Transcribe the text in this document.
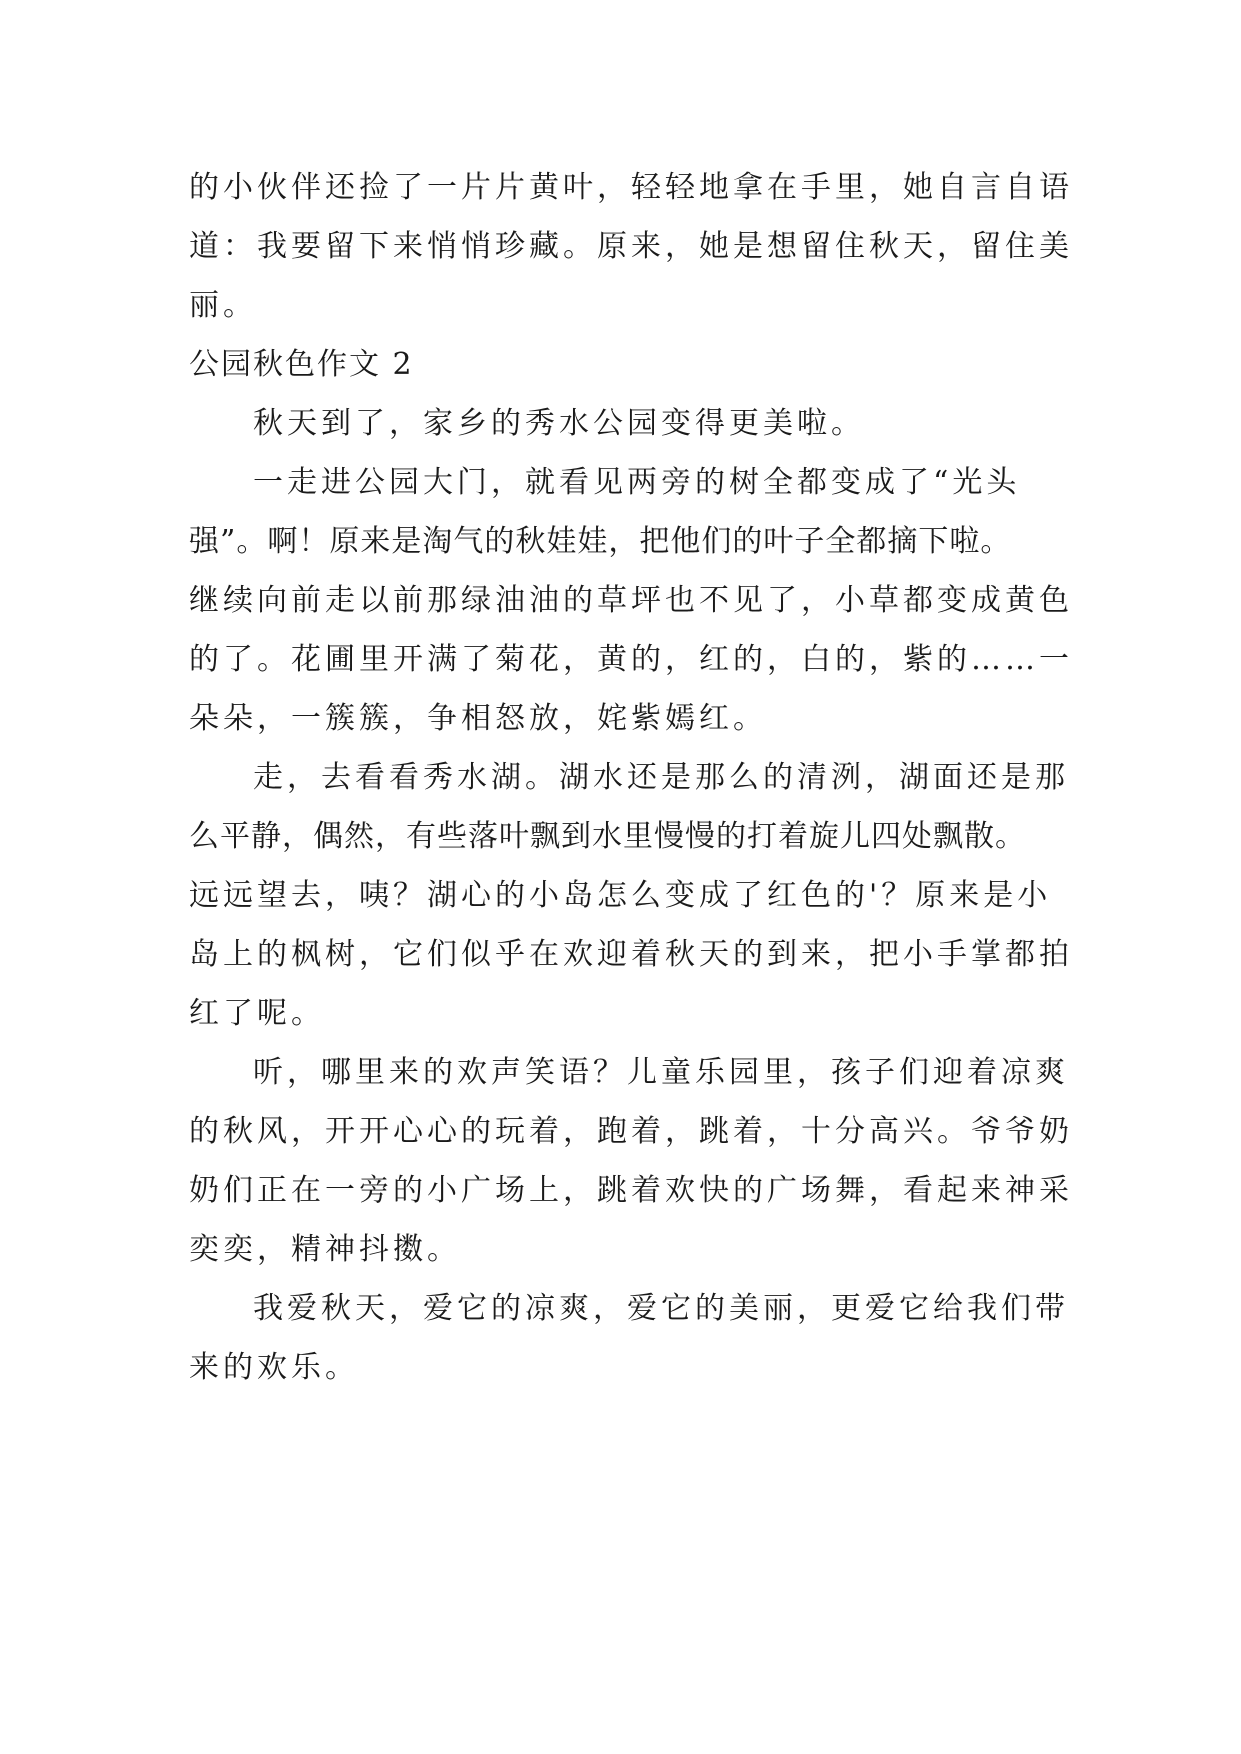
的小伙伴还捡了一片片黄叶，轻轻地拿在手里，她自言自语
道：我要留下来悄悄珍藏。原来，她是想留住秋天，留住美
丽。
公园秋色作文 2
秋天到了，家乡的秀水公园变得更美啦。
一走进公园大门，就看见两旁的树全都变成了“光头
强”。啊！原来是淘气的秋娃娃，把他们的叶子全都摘下啦。
继续向前走以前那绿油油的草坪也不见了，小草都变成黄色
的了。花圃里开满了菊花，黄的，红的，白的，紫的……一
朵朵，一簇簇，争相怒放，姹紫嫣红。
走，去看看秀水湖。湖水还是那么的清洌，湖面还是那
么平静，偶然，有些落叶飘到水里慢慢的打着旋儿四处飘散。
远远望去，咦？湖心的小岛怎么变成了红色的'？原来是小
岛上的枫树，它们似乎在欢迎着秋天的到来，把小手掌都拍
红了呢。
听，哪里来的欢声笑语？儿童乐园里，孩子们迎着凉爽
的秋风，开开心心的玩着，跑着，跳着，十分高兴。爷爷奶
奶们正在一旁的小广场上，跳着欢快的广场舞，看起来神采
奕奕，精神抖擞。
我爱秋天，爱它的凉爽，爱它的美丽，更爱它给我们带
来的欢乐。
